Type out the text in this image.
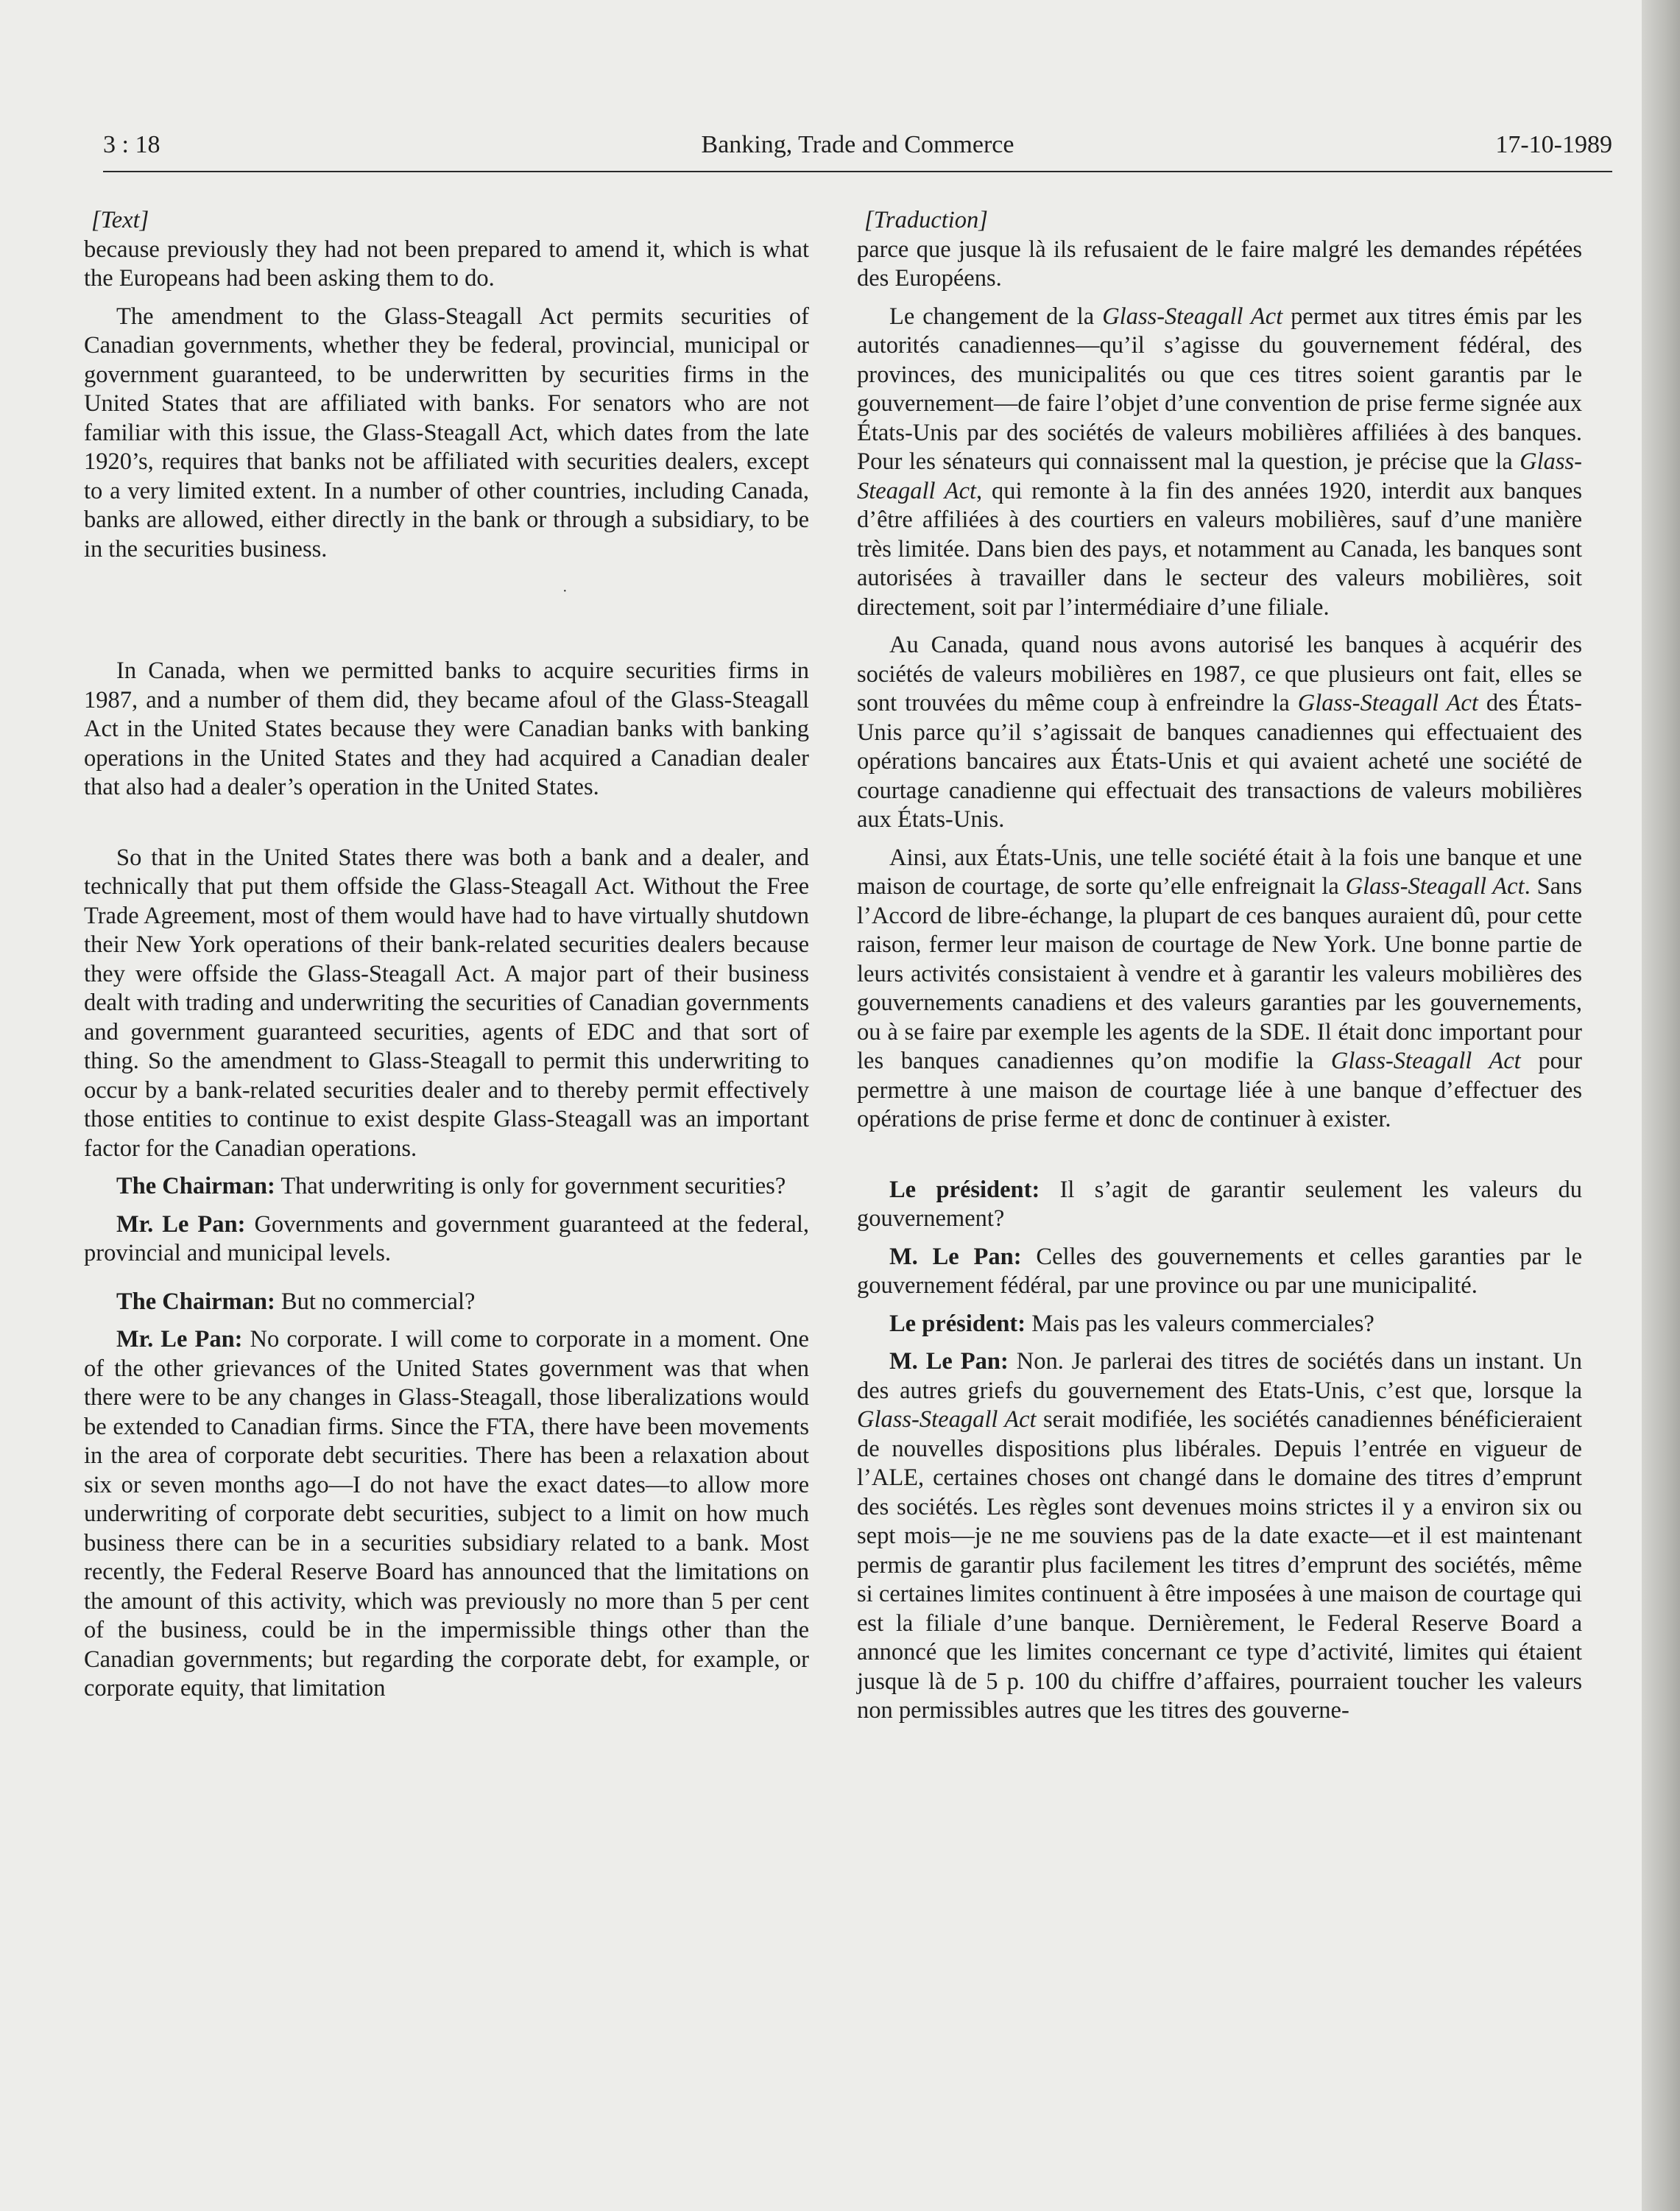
3 : 18	Banking, Trade and Commerce	17-10-1989
[Text]

because previously they had not been prepared to amend it, which is what the Europeans had been asking them to do.

The amendment to the Glass-Steagall Act permits securities of Canadian governments, whether they be federal, provincial, municipal or government guaranteed, to be underwritten by securities firms in the United States that are affiliated with banks. For senators who are not familiar with this issue, the Glass-Steagall Act, which dates from the late 1920’s, requires that banks not be affiliated with securities dealers, except to a very limited extent. In a number of other countries, including Canada, banks are allowed, either directly in the bank or through a subsidiary, to be in the securities business.

·

In Canada, when we permitted banks to acquire securities firms in 1987, and a number of them did, they became afoul of the Glass-Steagall Act in the United States because they were Canadian banks with banking operations in the United States and they had acquired a Canadian dealer that also had a dealer’s operation in the United States.

So that in the United States there was both a bank and a dealer, and technically that put them offside the Glass-Steagall Act. Without the Free Trade Agreement, most of them would have had to have virtually shutdown their New York operations of their bank-related securities dealers because they were offside the Glass-Steagall Act. A major part of their business dealt with trading and underwriting the securities of Canadian governments and government guaranteed securities, agents of EDC and that sort of thing. So the amendment to Glass-Steagall to permit this underwriting to occur by a bank-related securities dealer and to thereby permit effectively those entities to continue to exist despite Glass-Steagall was an important factor for the Canadian operations.

The Chairman: That underwriting is only for government securities?

Mr. Le Pan: Governments and government guaranteed at the federal, provincial and municipal levels.

The Chairman: But no commercial?

Mr. Le Pan: No corporate. I will come to corporate in a moment. One of the other grievances of the United States government was that when there were to be any changes in Glass-Steagall, those liberalizations would be extended to Canadian firms. Since the FTA, there have been movements in the area of corporate debt securities. There has been a relaxation about six or seven months ago—I do not have the exact dates—to allow more underwriting of corporate debt securities, subject to a limit on how much business there can be in a securities subsidiary related to a bank. Most recently, the Federal Reserve Board has announced that the limitations on the amount of this activity, which was previously no more than 5 per cent of the business, could be in the impermissible things other than the Canadian governments; but regarding the corporate debt, for example, or corporate equity, that limitation

[Traduction]

parce que jusque là ils refusaient de le faire malgré les demandes répétées des Européens.

Le changement de la Glass-Steagall Act permet aux titres émis par les autorités canadiennes—qu’il s’agisse du gouvernement fédéral, des provinces, des municipalités ou que ces titres soient garantis par le gouvernement—de faire l’objet d’une convention de prise ferme signée aux États-Unis par des sociétés de valeurs mobilières affiliées à des banques. Pour les sénateurs qui connaissent mal la question, je précise que la Glass-Steagall Act, qui remonte à la fin des années 1920, interdit aux banques d’être affiliées à des courtiers en valeurs mobilières, sauf d’une manière très limitée. Dans bien des pays, et notamment au Canada, les banques sont autorisées à travailler dans le secteur des valeurs mobilières, soit directement, soit par l’intermédiaire d’une filiale.

Au Canada, quand nous avons autorisé les banques à acquérir des sociétés de valeurs mobilières en 1987, ce que plusieurs ont fait, elles se sont trouvées du même coup à enfreindre la Glass-Steagall Act des États-Unis parce qu’il s’agissait de banques canadiennes qui effectuaient des opérations bancaires aux États-Unis et qui avaient acheté une société de courtage canadienne qui effectuait des transactions de valeurs mobilières aux États-Unis.

Ainsi, aux États-Unis, une telle société était à la fois une banque et une maison de courtage, de sorte qu’elle enfreignait la Glass-Steagall Act. Sans l’Accord de libre-échange, la plupart de ces banques auraient dû, pour cette raison, fermer leur maison de courtage de New York. Une bonne partie de leurs activités consistaient à vendre et à garantir les valeurs mobilières des gouvernements canadiens et des valeurs garanties par les gouvernements, ou à se faire par exemple les agents de la SDE. Il était donc important pour les banques canadiennes qu’on modifie la Glass-Steagall Act pour permettre à une maison de courtage liée à une banque d’effectuer des opérations de prise ferme et donc de continuer à exister.

Le président: Il s’agit de garantir seulement les valeurs du gouvernement?

M. Le Pan: Celles des gouvernements et celles garanties par le gouvernement fédéral, par une province ou par une municipalité.

Le président: Mais pas les valeurs commerciales?

M. Le Pan: Non. Je parlerai des titres de sociétés dans un instant. Un des autres griefs du gouvernement des Etats-Unis, c’est que, lorsque la Glass-Steagall Act serait modifiée, les sociétés canadiennes bénéficieraient de nouvelles dispositions plus libérales. Depuis l’entrée en vigueur de l’ALE, certaines choses ont changé dans le domaine des titres d’emprunt des sociétés. Les règles sont devenues moins strictes il y a environ six ou sept mois—je ne me souviens pas de la date exacte—et il est maintenant permis de garantir plus facilement les titres d’emprunt des sociétés, même si certaines limites continuent à être imposées à une maison de courtage qui est la filiale d’une banque. Dernièrement, le Federal Reserve Board a annoncé que les limites concernant ce type d’activité, limites qui étaient jusque là de 5 p. 100 du chiffre d’affaires, pourraient toucher les valeurs non permissibles autres que les titres des gouverne-
